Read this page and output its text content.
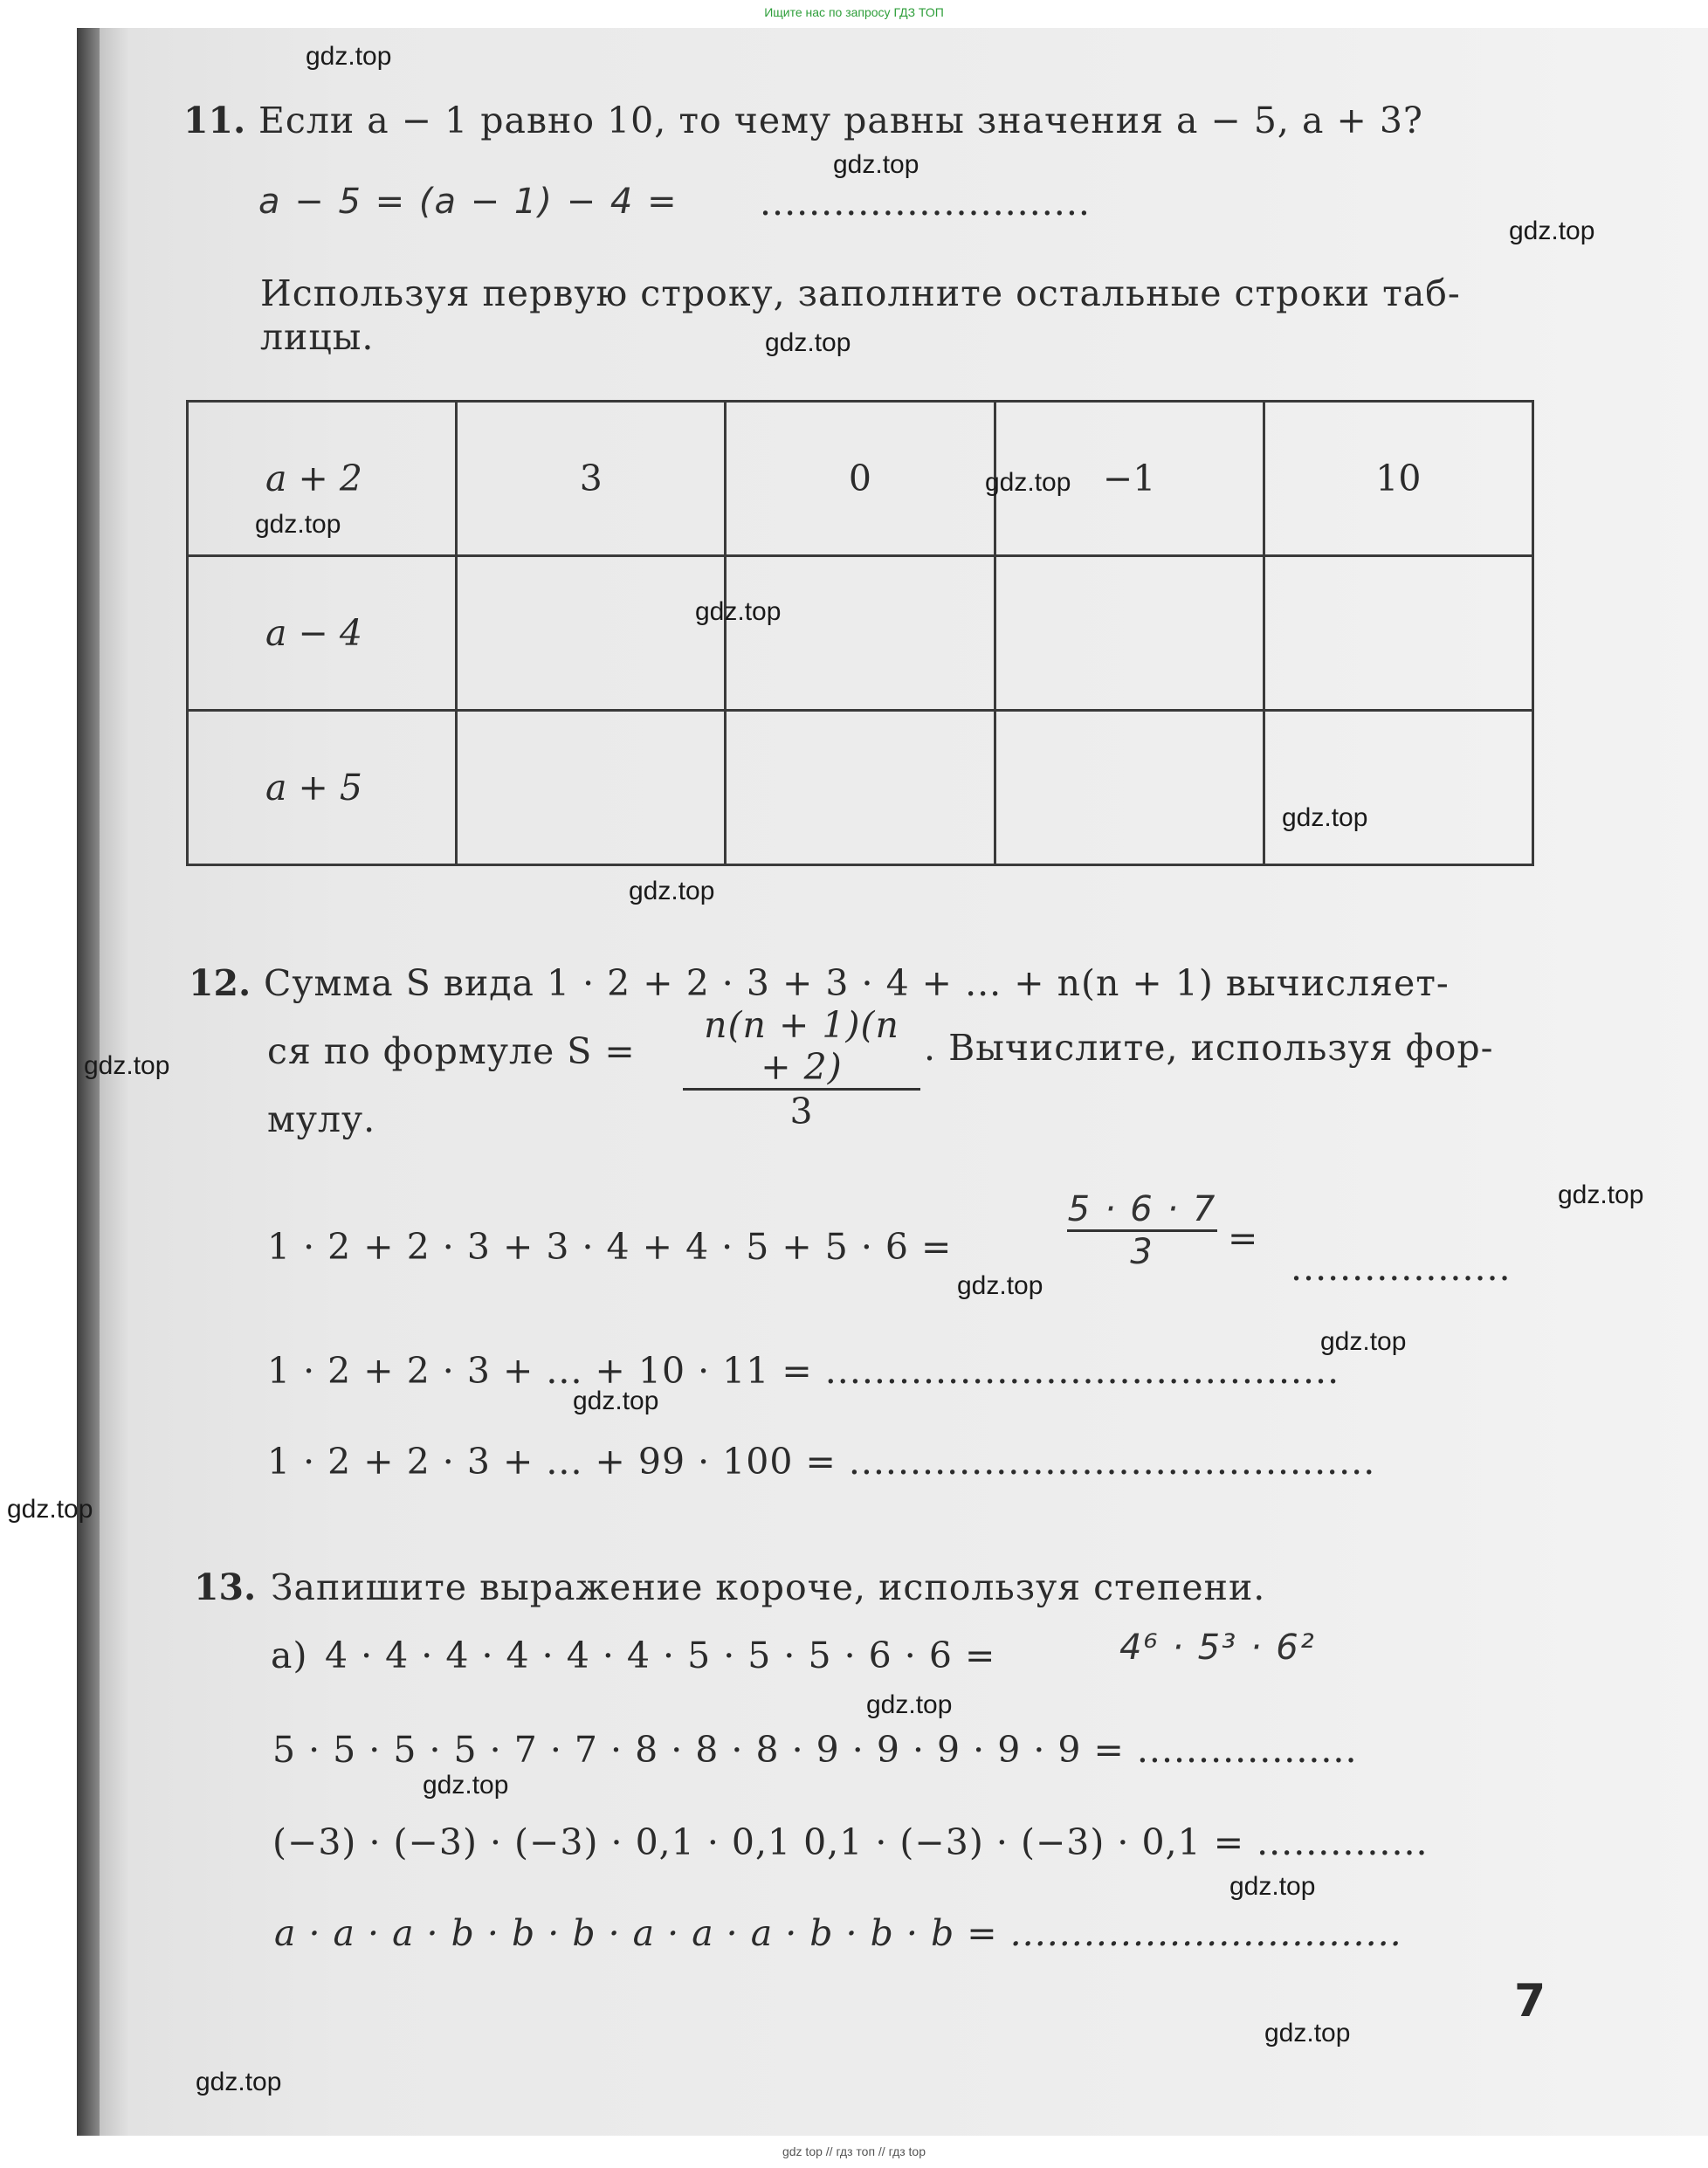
Ищите нас по запросу ГДЗ ТОП
11. Если a − 1 равно 10, то чему равны значения a − 5, a + 3?
a − 5 = (a − 1) − 4 = ...........................
Используя первую строку, заполните остальные строки таб-
лицы.
a + 2	3	0	−1	10
a − 4				
a + 5				
12. Сумма S вида 1 · 2 + 2 · 3 + 3 · 4 + ... + n(n + 1) вычисляет-
ся по формуле S =
n(n + 1)(n + 2)
3
. Вычислите, используя фор-
мулу.
1 · 2 + 2 · 3 + 3 · 4 + 4 · 5 + 5 · 6 =
5 · 6 · 7
3	=
..................
1 · 2 + 2 · 3 + ... + 10 · 11 = ..........................................
1 · 2 + 2 · 3 + ... + 99 · 100 = ...........................................
13. Запишите выражение короче, используя степени.
а) 4 · 4 · 4 · 4 · 4 · 4 · 5 · 5 · 5 · 6 · 6 =	4⁶ · 5³ · 6²
5 · 5 · 5 · 5 · 7 · 7 · 8 · 8 · 8 · 9 · 9 · 9 · 9 · 9 = ..................
(−3) · (−3) · (−3) · 0,1 · 0,1 0,1 · (−3) · (−3) · 0,1 = ..............
a · a · a · b · b · b · a · a · a · b · b · b = ................................
7
gdz.top
gdz.top
gdz.top
gdz.top
gdz.top
gdz.top
gdz.top
gdz.top
gdz.top
gdz.top
gdz.top
gdz.top
gdz.top
gdz.top
gdz.top
gdz.top
gdz.top
gdz.top
gdz.top
gdz.top
gdz top // гдз топ // гдз top
